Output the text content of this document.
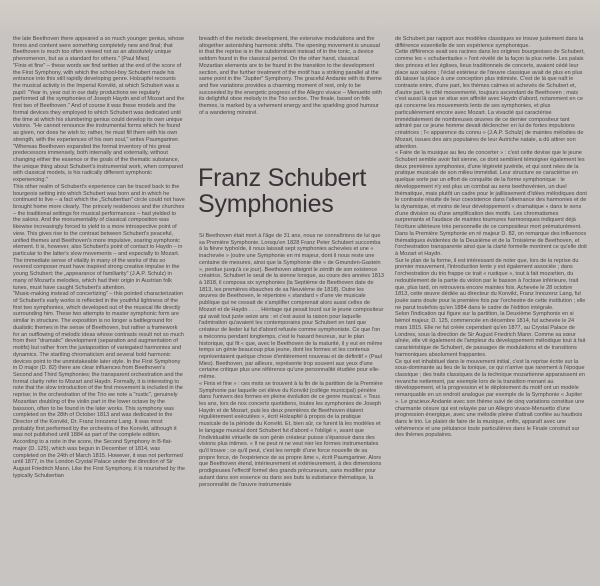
the late Beethoven there appeared a so much younger genius, whose forms and content were something completely new and final; that Beethoven is much too often viewed not as an absolutely unique phenomenon, but as a standard for others." (Paul Mies)

"Finis et fine" – these words we find written at the end of the score of the First Symphony, with which the school-boy Schubert made his entrance into this still rapidly developing genre. Holzapfel recounts the musical activity in the Imperial Konvikt, at which Schubert was a pupil: "Year in, year out in our daily productions we regularly performed all the symphonies of Joseph Haydn and of Mozart and the first two of Beethoven." And of course it was these models and the formal devices they employed to which Schubert was dedicated until the time at which his slumbering genius could develop its own unique visions. "He cannot renounce the instrumental forms which he found as given, nor does he wish to; rather, he must fill them with his own strength, with the experiences of his own soul," writes Paumgartner. "Whereas Beethoven expanded the formal inventory of his great predecessors immensely, both internally and externally, without changing either the essence or the goals of the thematic substance, the unique thing about Schubert's instrumental work, when compared with classical models, is his radically different symphonic experiencing."

This other realm of Schubert's experience can be traced back to the bourgeois setting into which Schubert was born and in which he continued to live – a fact which the „Schubertian" circle could not have brought home more clearly. The princely residences and the churches – the traditional settings for musical performances – had yielded to the salons. And the monumentality of classical composition was likewise increasingly forced to yield to a more introspective point of view. This gives rise to the contrast between Schubert's peaceful, unified themes and Beethoven's more impulsive, soaring symphonic element. It is, however, also Schubert's point of contact to Haydn – in particular to the latter's slow movements – and especially to Mozart. The immediate sense of vitality in many of the works of this so revered composer must have inspired strong creative impulse in the young Schubert; the „appearance of familiarity" (J.A.P. Schulz) in many of Mozart's melodies, which had their origin in Austrian folk tunes, must have caught Schubert's attention.

"Music-making instead of concertizing" – this pointed characterization of Schubert's early works is reflected in the youthful lightness of the first two symphonies, which developed out of the musical life directly surrounding him. These two attempts to master symphonic form are similar in structure. The exposition is no longer a battleground for dualistic themes in the sense of Beethoven, but rather a framework for an outflowing of melodic ideas whose contrasts result not so much from their "dramatic" development (separation and augmentation of motifs) but rather from the juxtaposition of variegated harmonies and dynamics. The startling chromaticism and several bold harmonic devices point to the unmistakeable later style. In the First Symphony in D major (D. 82) there are clear influences from Beethoven's Second and Third Symphonies; the transparent orchestration and the formal clarity refer to Mozart and Haydn. Formally, it is interesting to note that the slow introduction of the first movement is included in the reprise; in the orchestration of the Trio we note a "rustic", genuinely Mozartian doubling of the violin part in the lower octave by the bassoon, often to be found in the later works. This symphony was completed on the 28th of October 1813 and was dedicated to the Director of the Konvikt, Dr. Franz Innozenz Lang. It was most probably first performed by the orchestra of the Konvikt, although it was not published until 1884 as part of the complete edition.

According to a note in the score, the Second Symphony in B-flat-major (D. 125), which was begun in December of 1814, was completed on the 24th of March 1815. However, it was not performed until 1877, in the London Crystal Palace under the direction of Sir August Friedrich Mann. Like the First Symphony, it is nourished by the typically Schubertian

breadth of the melodic development, the extensive modulations and the altogether astonishing harmonic shifts. The opening movement is unusual in that the reprise is in the subdominant instead of in the tonic, a device seldom found in the classical period. On the other hand, classical Mozartian elements are to be found in the transition to the development section, and the further treatment of the motif has a striking parallel at the same point in the "Jupiter" Symphony. The graceful Andante with its theme and five variations provides a charming moment of rest, only to be succeeded by the energetic progress of the Allegro vivace – Menuetto with its delightful oboe melody in the Trio section. The finale, based on folk themes, is marked by a vehement energy and the sparkling good humour of a wandering minstrel.

Franz Schubert
Symphonies

Si Beethoven était mort à l'âge de 31 ans, nous ne connaîtrions de lui que sa Première Symphonie. Lorsqu'en 1828 Franz Peter Schubert succomba à la fièvre typhoïde, il nous laissait sept symphonies achevées et une « inachevée » (outre une Symphonie en mi majeur, dont il nous reste une centaine de mesures, ainsi que la Symphonie dite « de Gmunden-Gastein », perdue jusqu'à ce jour). Beethoven atteignit le zénith de son existence créatrice, Schubert le seuil de la sienne lorsque, au cours des années 1813 à 1818, il composa six symphonies (la Septième de Beethoven date de 1813, les premières ébauches de sa Neuvième de 1818). Outre les œuvres de Beethoven, le répertoire « standard » d'une vie musicale publique qui ne cessait de s'amplifier comprenait alors aussi celles de Mozart et de Haydn . . . . Héritage qui pesait lourd sur le jeune compositeur qui avait tout juste seize ans : et c'est aussi la raison pour laquelle l'admiration qu'avaient les contemporains pour Schubert en tant que créateur de lieder lui fut d'abord refusée comme symphoniste. Ce que l'on a méconnu pendant longtemps, c'est le hasard heureux, sur le plan historique, qui fit « que, avec le Beethoven de la maturité, il y eut en même temps un génie beaucoup plus jeune, dont les formes et les contenus représentaient quelque chose d'entièrement nouveau et de définitif » (Paul Mies). Beethoven, par ailleurs, représente trop souvent aux yeux d'une certaine critique plus une référence qu'une personnalité étudiée pour elle-même.

« Finis et fine » : ces mots se trouvent à la fin de la partition de la Première Symphonie par laquelle cet élève du Konvikt (collège municipal) pénètre dans l'univers des formes en pleine évolution de ce genre musical. « Tous les ans, lors de nos concerts quotidiens, toutes les symphonies de Joseph Haydn et de Mozart, puis les deux premières de Beethoven étaient régulièrement exécutées », écrit Holzapfel à propos de la pratique musicale de la période du Konvikt. Et, bien sûr, ce furent là les modèles et le langage musical dont Schubert fut d'abord « l'obligé », avant que l'individualité virtuelle de son génie créateur puisse s'épanouir dans des visions plus intimes. « Il ne peut ni ne veut nier les formes instrumentales qu'il trouve ; ce qu'il peut, c'est les remplir d'une force nouvelle de sa propre force, de l'expérience de sa propre âme », écrit Paumgartner. Alors que Beethoven étend, intérieurement et extérieurement, à des dimensions prodigieuses l'effectif formel des grands précurseurs, sans modifier pour autant dans son essence ou dans ses buts la substance thématique, la personnalité de l'œuvre instrumentale

de Schubert par rapport aux modèles classiques se trouve justement dans la différence essentielle de son expérience symphonique.

Cette différence avait ses racines dans les origines bourgeoises de Schubert, comme les « schubertiades » l'ont révélé de la façon la plus nette. Les palais des princes et les églises, lieux traditionnels de concerts, avaient cédé leur place aux salons ; l'éclat extérieur de l'œuvre classique avait de plus en plus dû laisser la place à une conception plus intimiste. C'est de là que naît le contraste entre, d'une part, les thèmes calmes et achevés de Schubert et, d'autre part, le côté mouvementé, toujours ascendant de Beethoven ; mais c'est aussi là que se situe son affinité avec Haydn d'abord, notamment en ce qui concerne les mouvements lents de ses symphonies, et plus particulièrement encore avec Mozart. La vivacité qui caractérise immédiatement de nombreuses œuvres de ce dernier compositeur tant admiré par ce jeune homme devait déclencher en lui de fortes impulsions créatrices ; l'« apparence du connu » (J.A.P. Schulz) de maintes mélodies de Mozart, issues des airs populaires de leur Autriche natale, a dû attirer son attention.

« Faire de la musique au lieu de concerter » : c'est cette devise que le jeune Schubert semble avoir fait sienne, ce dont semblent témoigner également les deux premières symphonies, d'une légèreté juvénile, et qui sont nées de la pratique musicale de son milieu immédiat. Leur structure se caractérise en quelque sorte par un effort de conquête de la forme symphonique : le développement n'y est plus un combat au sens beethovénien, un duel thématique, mais plutôt un cadre pour le jaillissement d'idées mélodiques dont le contraste résulte de leur coexistence dans l'alternance des harmonies et de la dynamique, et moins de leur développement « dramatique » dans le sens d'une division ou d'une amplification des motifs. Les chromatismes surprenants et l'audace de maintes tournures harmoniques indiquent déjà l'écriture ultérieure très personnelle de ce compositeur mort prématurément. Dans la Première Symphonie en ré majeur D. 82, on remarque des influences thématiques évidentes de la Deuxième et de la Troisième de Beethoven, et l'orchestration transparente ainsi que la clarté formelle montrent ce qu'elle doit à Mozart et Haydn.

Sur le plan de la forme, il est intéressant de noter que, lors de la reprise du premier mouvement, l'introduction lente y est également associée ; dans l'orchestration du trio frappe ce trait « rustique », tout à fait mozartien, du redoublement de la partie du violon par le basson à l'octave inférieure, trait que, plus tard, on retrouvera encore maintes fois. Achevée le 28 octobre 1813, cette œuvre dédiée au directeur du Konvikt, Franz Innozenz Lang, fut jouée sans doute pour la première fois par l'orchestre de cette institution ; elle ne parut toutefois qu'en 1884 dans le cadre de l'édition intégrale.

Selon l'indication qui figure sur la partition, la Deuxième Symphonie en si bémol majeur, D. 125, commencée en décembre 1814, fut achevée le 24 mars 1815. Elle ne fut créée cependant qu'en 1877, au Crystal Palace de Londres, sous la direction de Sir August Friedrich Mann. Comme sa sœur aînée, elle vit également de l'ampleur du développement mélodique tout à fait caractéristique de Schubert, de passages de modulations et de transitions harmoniques absolument frappantes.

Ce qui est inhabituel dans le mouvement initial, c'est la reprise écrite sur la sous-dominante au lieu de la tonique, ce qui n'arrive que rarement à l'époque classique ; des traits classiques de la technique mozartienne apparaissent en revanche nettement, par exemple lors de la transition menant au développement, et la progression et le déploiement du motif ont un modèle remarquable en un endroit analogue par exemple de la Symphonie « Jupiter ». Le gracieux Andante avec son thème suivi de cinq variations constitue une charmante césure qui est relayée par un Allegro vivace-Menuetto d'une progression énergique, avec une mélodie pleine d'attrait confiée au hautbois dans le trio. Le plaisir de faire de la musique, enfin, apparaît avec une véhémence et une pétulance toute particulières dans le Finale construit sur des thèmes populaires.
